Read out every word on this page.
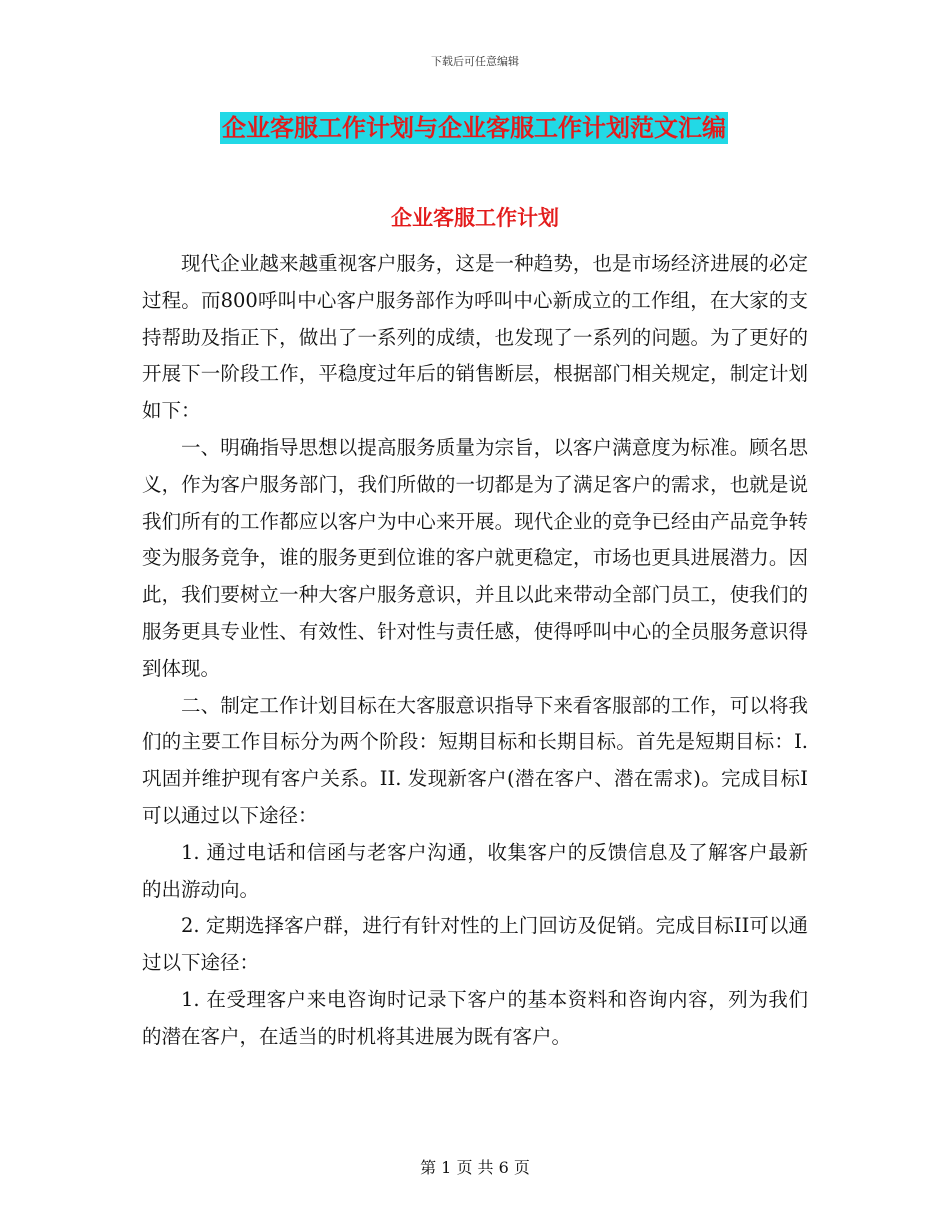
下载后可任意编辑
企业客服工作计划与企业客服工作计划范文汇编
企业客服工作计划

现代企业越来越重视客户服务，这是一种趋势，也是市场经济进展的必定过程。而800呼叫中心客户服务部作为呼叫中心新成立的工作组，在大家的支持帮助及指正下，做出了一系列的成绩，也发现了一系列的问题。为了更好的开展下一阶段工作，平稳度过年后的销售断层，根据部门相关规定，制定计划如下：

一、明确指导思想以提高服务质量为宗旨，以客户满意度为标准。顾名思义，作为客户服务部门，我们所做的一切都是为了满足客户的需求，也就是说我们所有的工作都应以客户为中心来开展。现代企业的竞争已经由产品竞争转变为服务竞争，谁的服务更到位谁的客户就更稳定，市场也更具进展潜力。因此，我们要树立一种大客户服务意识，并且以此来带动全部门员工，使我们的服务更具专业性、有效性、针对性与责任感，使得呼叫中心的全员服务意识得到体现。

二、制定工作计划目标在大客服意识指导下来看客服部的工作，可以将我们的主要工作目标分为两个阶段：短期目标和长期目标。首先是短期目标：I. 巩固并维护现有客户关系。II. 发现新客户(潜在客户、潜在需求)。完成目标I可以通过以下途径：

1. 通过电话和信函与老客户沟通，收集客户的反馈信息及了解客户最新的出游动向。

2. 定期选择客户群，进行有针对性的上门回访及促销。完成目标II可以通过以下途径：

1. 在受理客户来电咨询时记录下客户的基本资料和咨询内容，列为我们的潜在客户，在适当的时机将其进展为既有客户。

第 1 页 共 6 页
